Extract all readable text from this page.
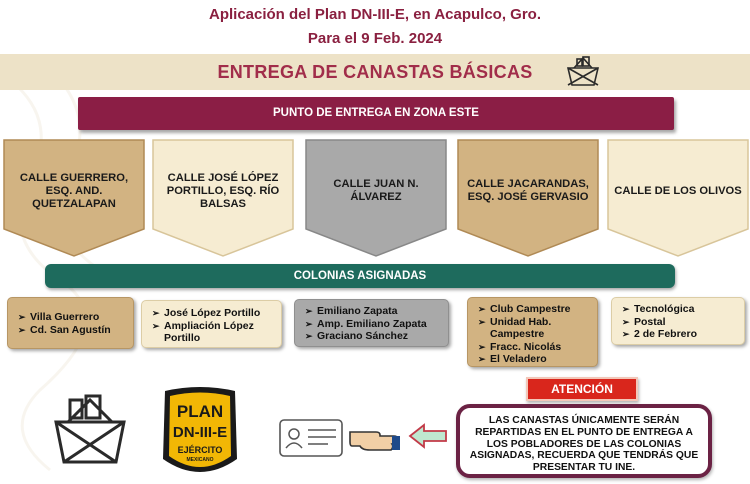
Aplicación del Plan DN-III-E, en Acapulco, Gro.
Para el 9 Feb. 2024
ENTREGA DE CANASTAS BÁSICAS
PUNTO DE ENTREGA EN ZONA ESTE
CALLE GUERRERO, ESQ. AND. QUETZALAPAN
CALLE JOSÉ LÓPEZ PORTILLO, ESQ. RÍO BALSAS
CALLE JUAN N. ÁLVAREZ
CALLE JACARANDAS, ESQ. JOSÉ GERVASIO
CALLE DE LOS OLIVOS
COLONIAS ASIGNADAS
➢ Villa Guerrero
➢ Cd. San Agustín
➢ José López Portillo
➢ Ampliación López Portillo
➢ Emiliano Zapata
➢ Amp. Emiliano Zapata
➢ Graciano Sánchez
➢ Club Campestre
➢ Unidad Hab. Campestre
➢ Fracc. Nicolás
➢ El Veladero
➢ Tecnológica
➢ Postal
➢ 2 de Febrero
PLAN
DN-III-E
EJÉRCITO
MEXICANO
ATENCIÓN

LAS CANASTAS ÚNICAMENTE SERÁN REPARTIDAS EN EL PUNTO DE ENTREGA A LOS POBLADORES DE LAS COLONIAS ASIGNADAS, RECUERDA QUE TENDRÁS QUE PRESENTAR TU INE.
